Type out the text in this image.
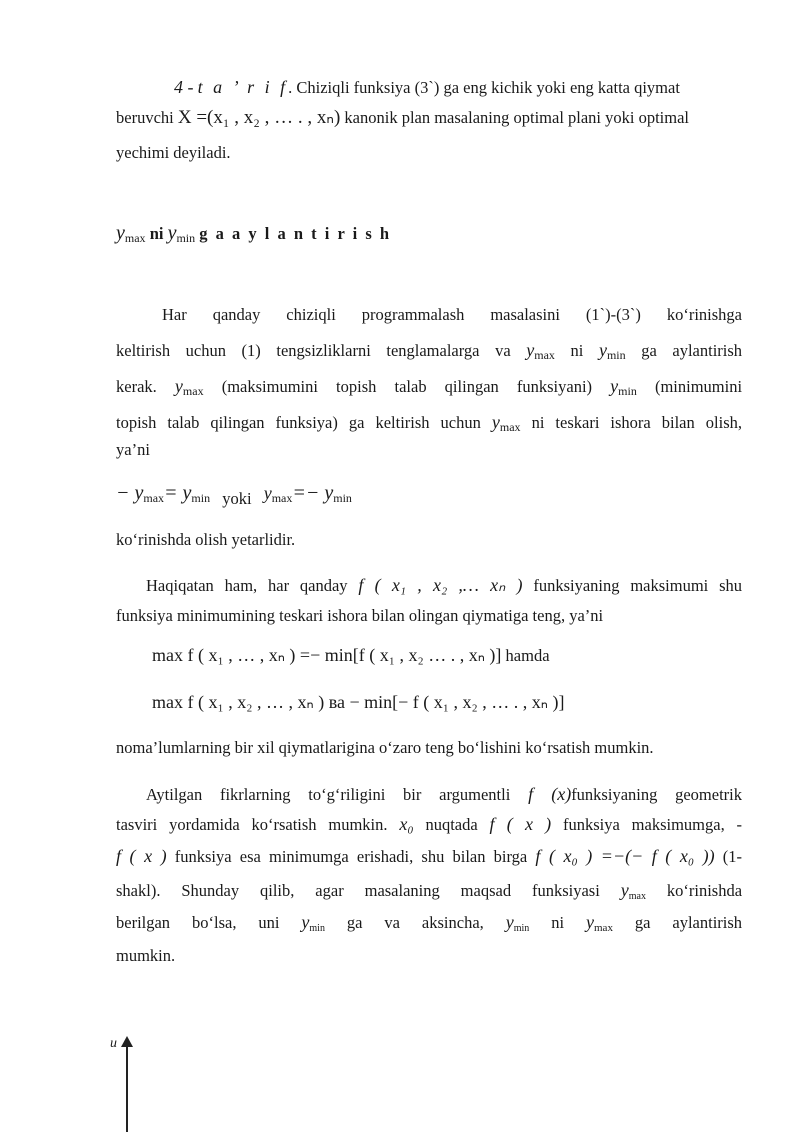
4 - t a ’ r i f. Chiziqli funksiya (3`) ga eng kichik yoki eng katta qiymat
beruvchi X =(x₁ , x₂ , … . , xₙ) kanonik plan masalaning optimal plani yoki optimal
yechimi deyiladi.
$y_{max}$ ni $y_{min}$ g a a y l a n t i r i s h
Har qanday chiziqli programmalash masalasini (1`)-(3`) ko‘rinishga
keltirish uchun (1) tengsizliklarni tenglamalarga va $y_{max}$ ni $y_{min}$ ga aylantirish
kerak. $y_{max}$ (maksimumini topish talab qilingan funksiyani) $y_{min}$ (minimumini
topish talab qilingan funksiya) ga keltirish uchun $y_{max}$ ni teskari ishora bilan olish,
ya’ni
− $y_{max}= y_{min}$ yoki $y_{max}=- y_{min}$
ko‘rinishda olish yetarlidir.
Haqiqatan ham, har qanday f ( x₁ , x₂ ,… xₙ ) funksiyaning maksimumi shu
funksiya minimumining teskari ishora bilan olingan qiymatiga teng, ya’ni
max f ( x₁ , … , xₙ ) =− min[f ( x₁ , x₂ … . , xₙ )] hamda
max f ( x₁ , x₂ , … , xₙ ) ва − min[− f ( x₁ , x₂ , … . , xₙ )]
noma’lumlarning bir xil qiymatlarigina o‘zaro teng bo‘lishini ko‘rsatish mumkin.
Aytilgan fikrlarning to‘g‘riligini bir argumentli f (x)funksiyaning geometrik
tasviri yordamida ko‘rsatish mumkin. x₀ nuqtada f ( x ) funksiya maksimumga, -
f ( x ) funksiya esa minimumga erishadi, shu bilan birga f ( x₀ ) =−(− f ( x₀ )) (1-
shakl). Shunday qilib, agar masalaning maqsad funksiyasi $y_{max}$ ko‘rinishda
berilgan bo‘lsa, uni $y_{min}$ ga va aksincha, $y_{min}$ ni $y_{max}$ ga aylantirish
mumkin.
u
